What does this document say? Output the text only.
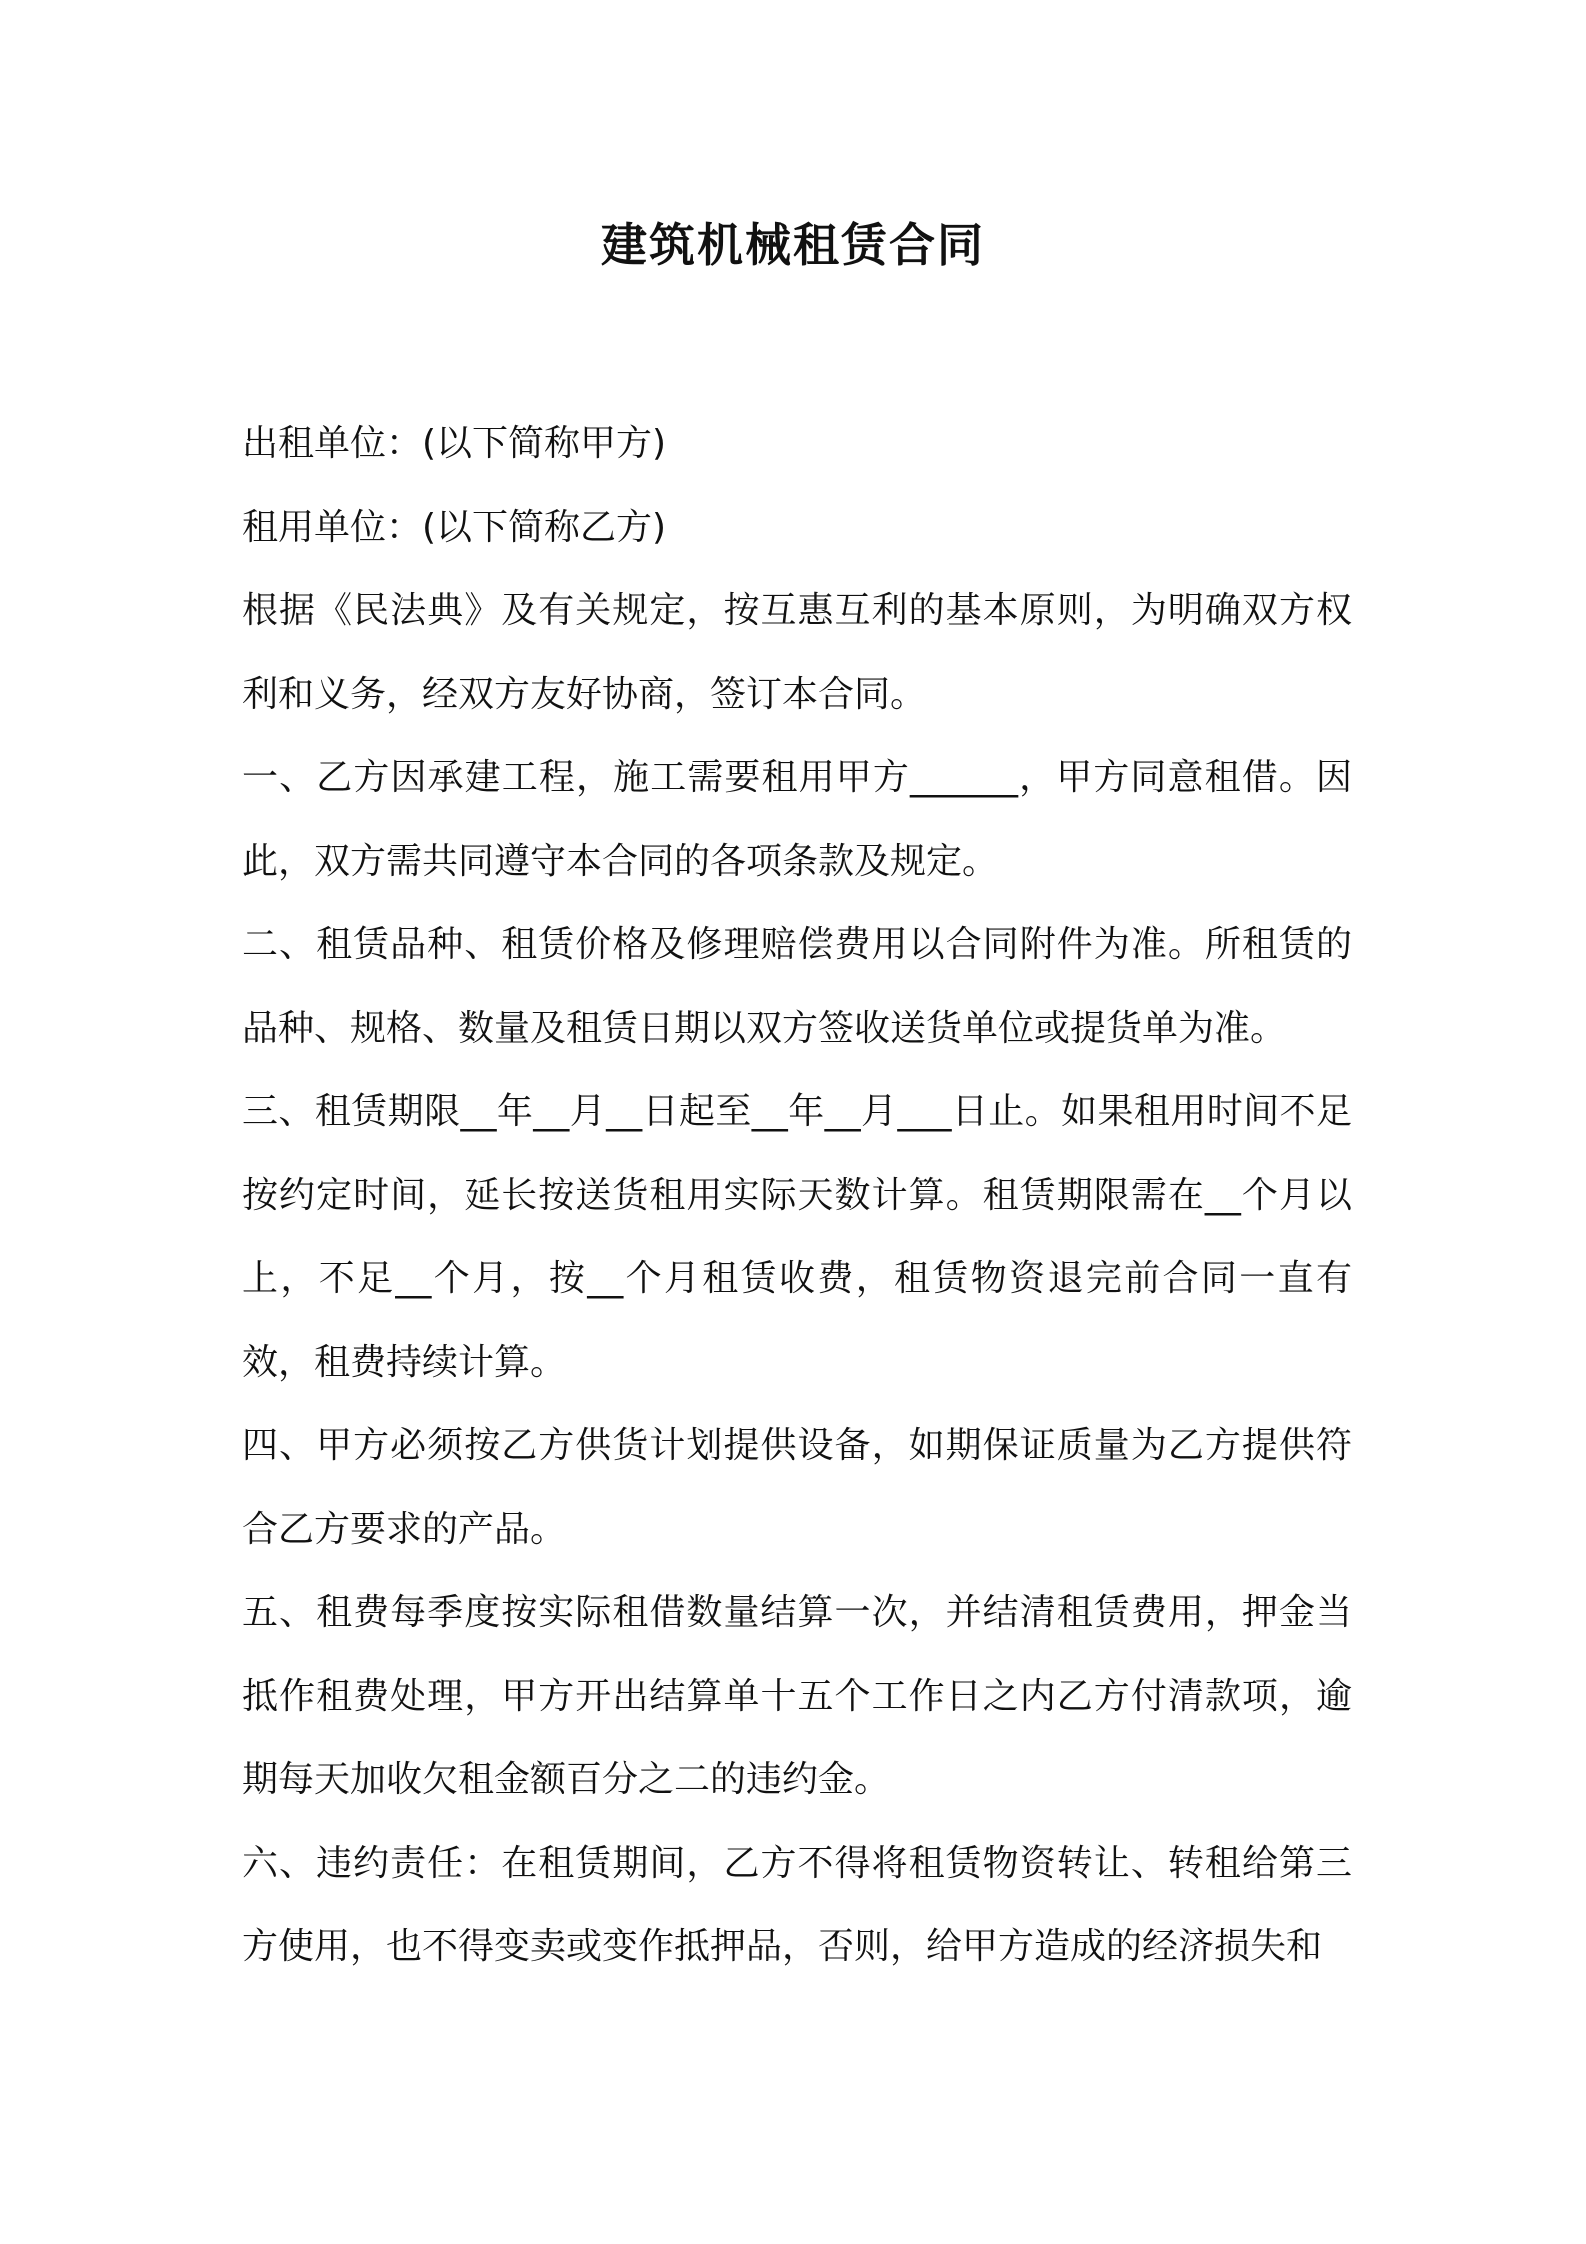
建筑机械租赁合同

出租单位：(以下简称甲方)

租用单位：(以下简称乙方)

根据《民法典》及有关规定，按互惠互利的基本原则，为明确双方权利和义务，经双方友好协商，签订本合同。

一、乙方因承建工程，施工需要租用甲方______，甲方同意租借。因此，双方需共同遵守本合同的各项条款及规定。

二、租赁品种、租赁价格及修理赔偿费用以合同附件为准。所租赁的品种、规格、数量及租赁日期以双方签收送货单位或提货单为准。

三、租赁期限__年__月__日起至__年__月___日止。如果租用时间不足按约定时间，延长按送货租用实际天数计算。租赁期限需在__个月以上，不足__个月，按__个月租赁收费，租赁物资退完前合同一直有效，租费持续计算。

四、甲方必须按乙方供货计划提供设备，如期保证质量为乙方提供符合乙方要求的产品。

五、租费每季度按实际租借数量结算一次，并结清租赁费用，押金当抵作租费处理，甲方开出结算单十五个工作日之内乙方付清款项，逾期每天加收欠租金额百分之二的违约金。

六、违约责任：在租赁期间，乙方不得将租赁物资转让、转租给第三方使用，也不得变卖或变作抵押品，否则，给甲方造成的经济损失和
